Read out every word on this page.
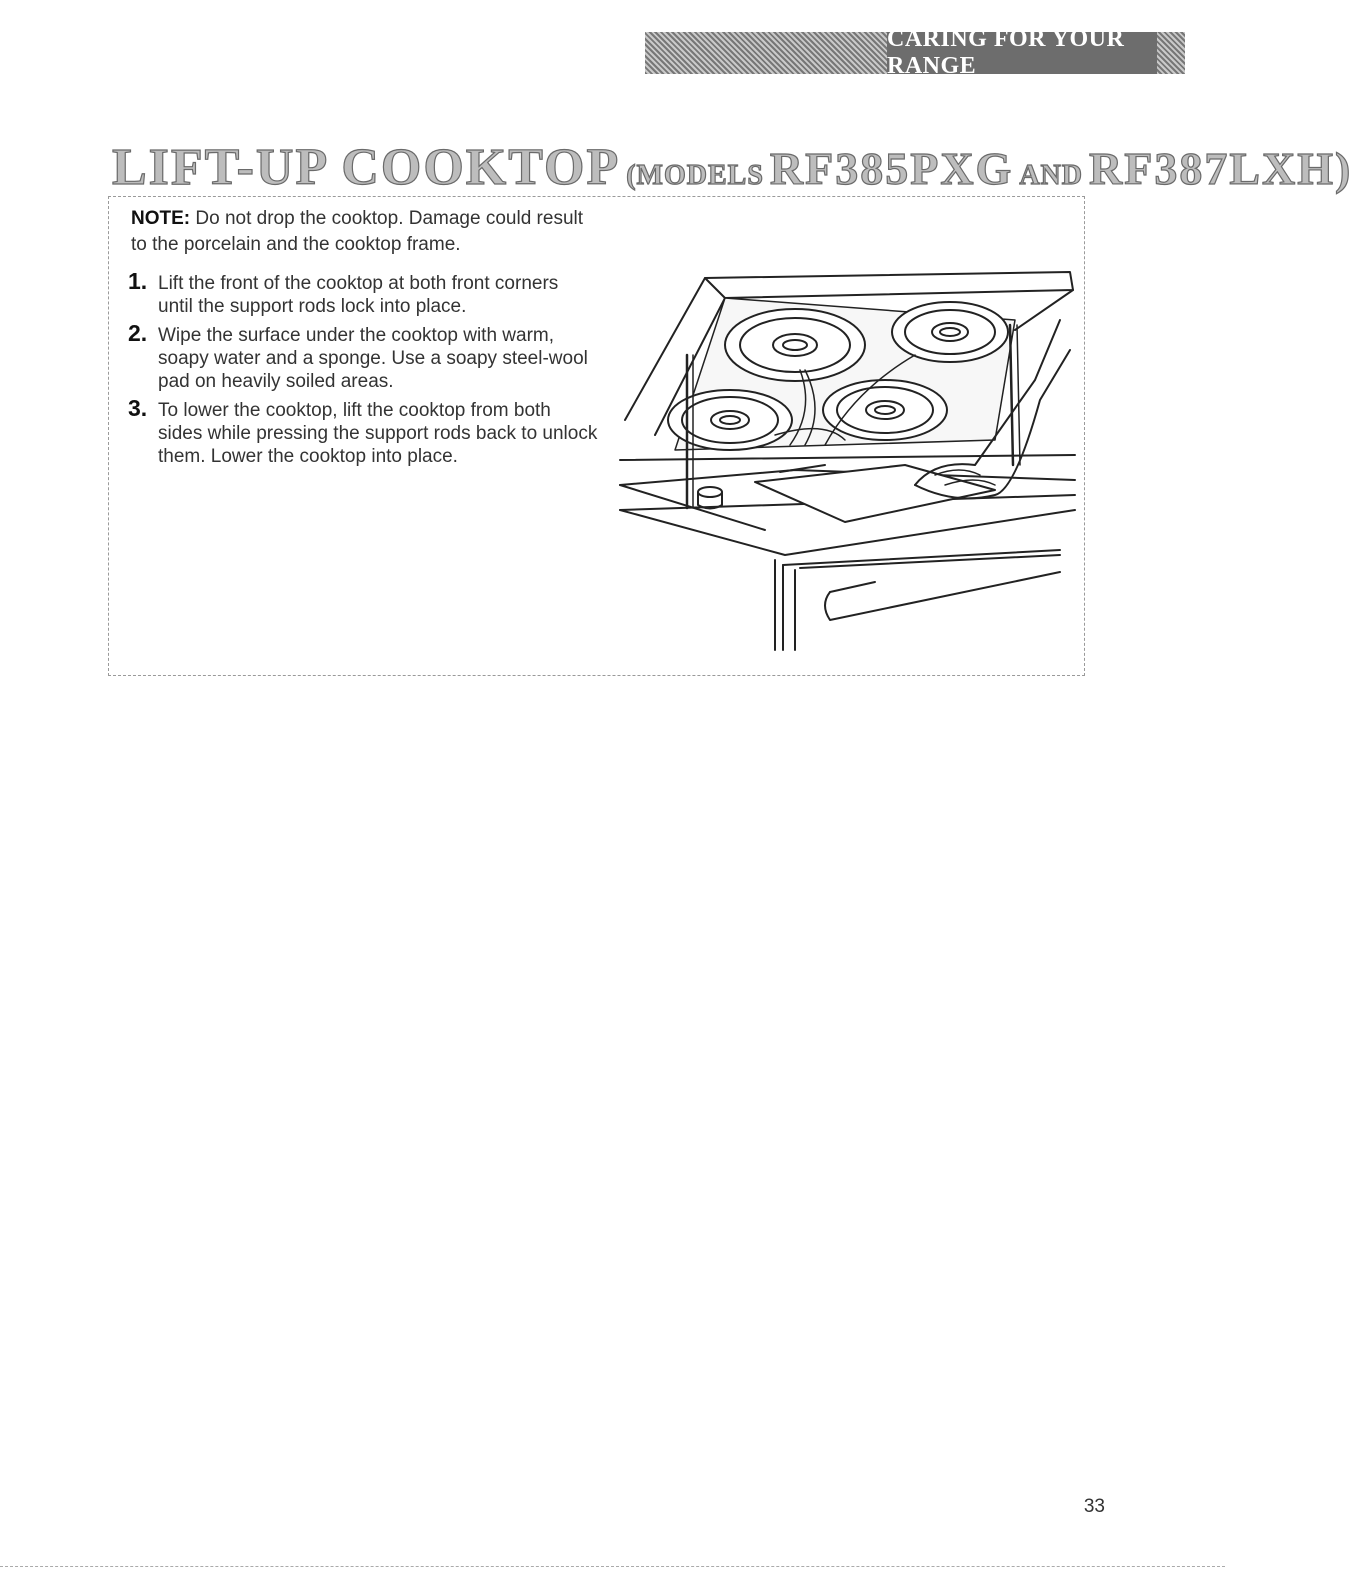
CARING FOR YOUR RANGE
LIFT-UP COOKTOP (MODELS RF385PXG AND RF387LXH)
NOTE: Do not drop the cooktop. Damage could result to the porcelain and the cooktop frame.
1. Lift the front of the cooktop at both front corners until the support rods lock into place.
2. Wipe the surface under the cooktop with warm, soapy water and a sponge. Use a soapy steel-wool pad on heavily soiled areas.
3. To lower the cooktop, lift the cooktop from both sides while pressing the support rods back to unlock them. Lower the cooktop into place.
33
